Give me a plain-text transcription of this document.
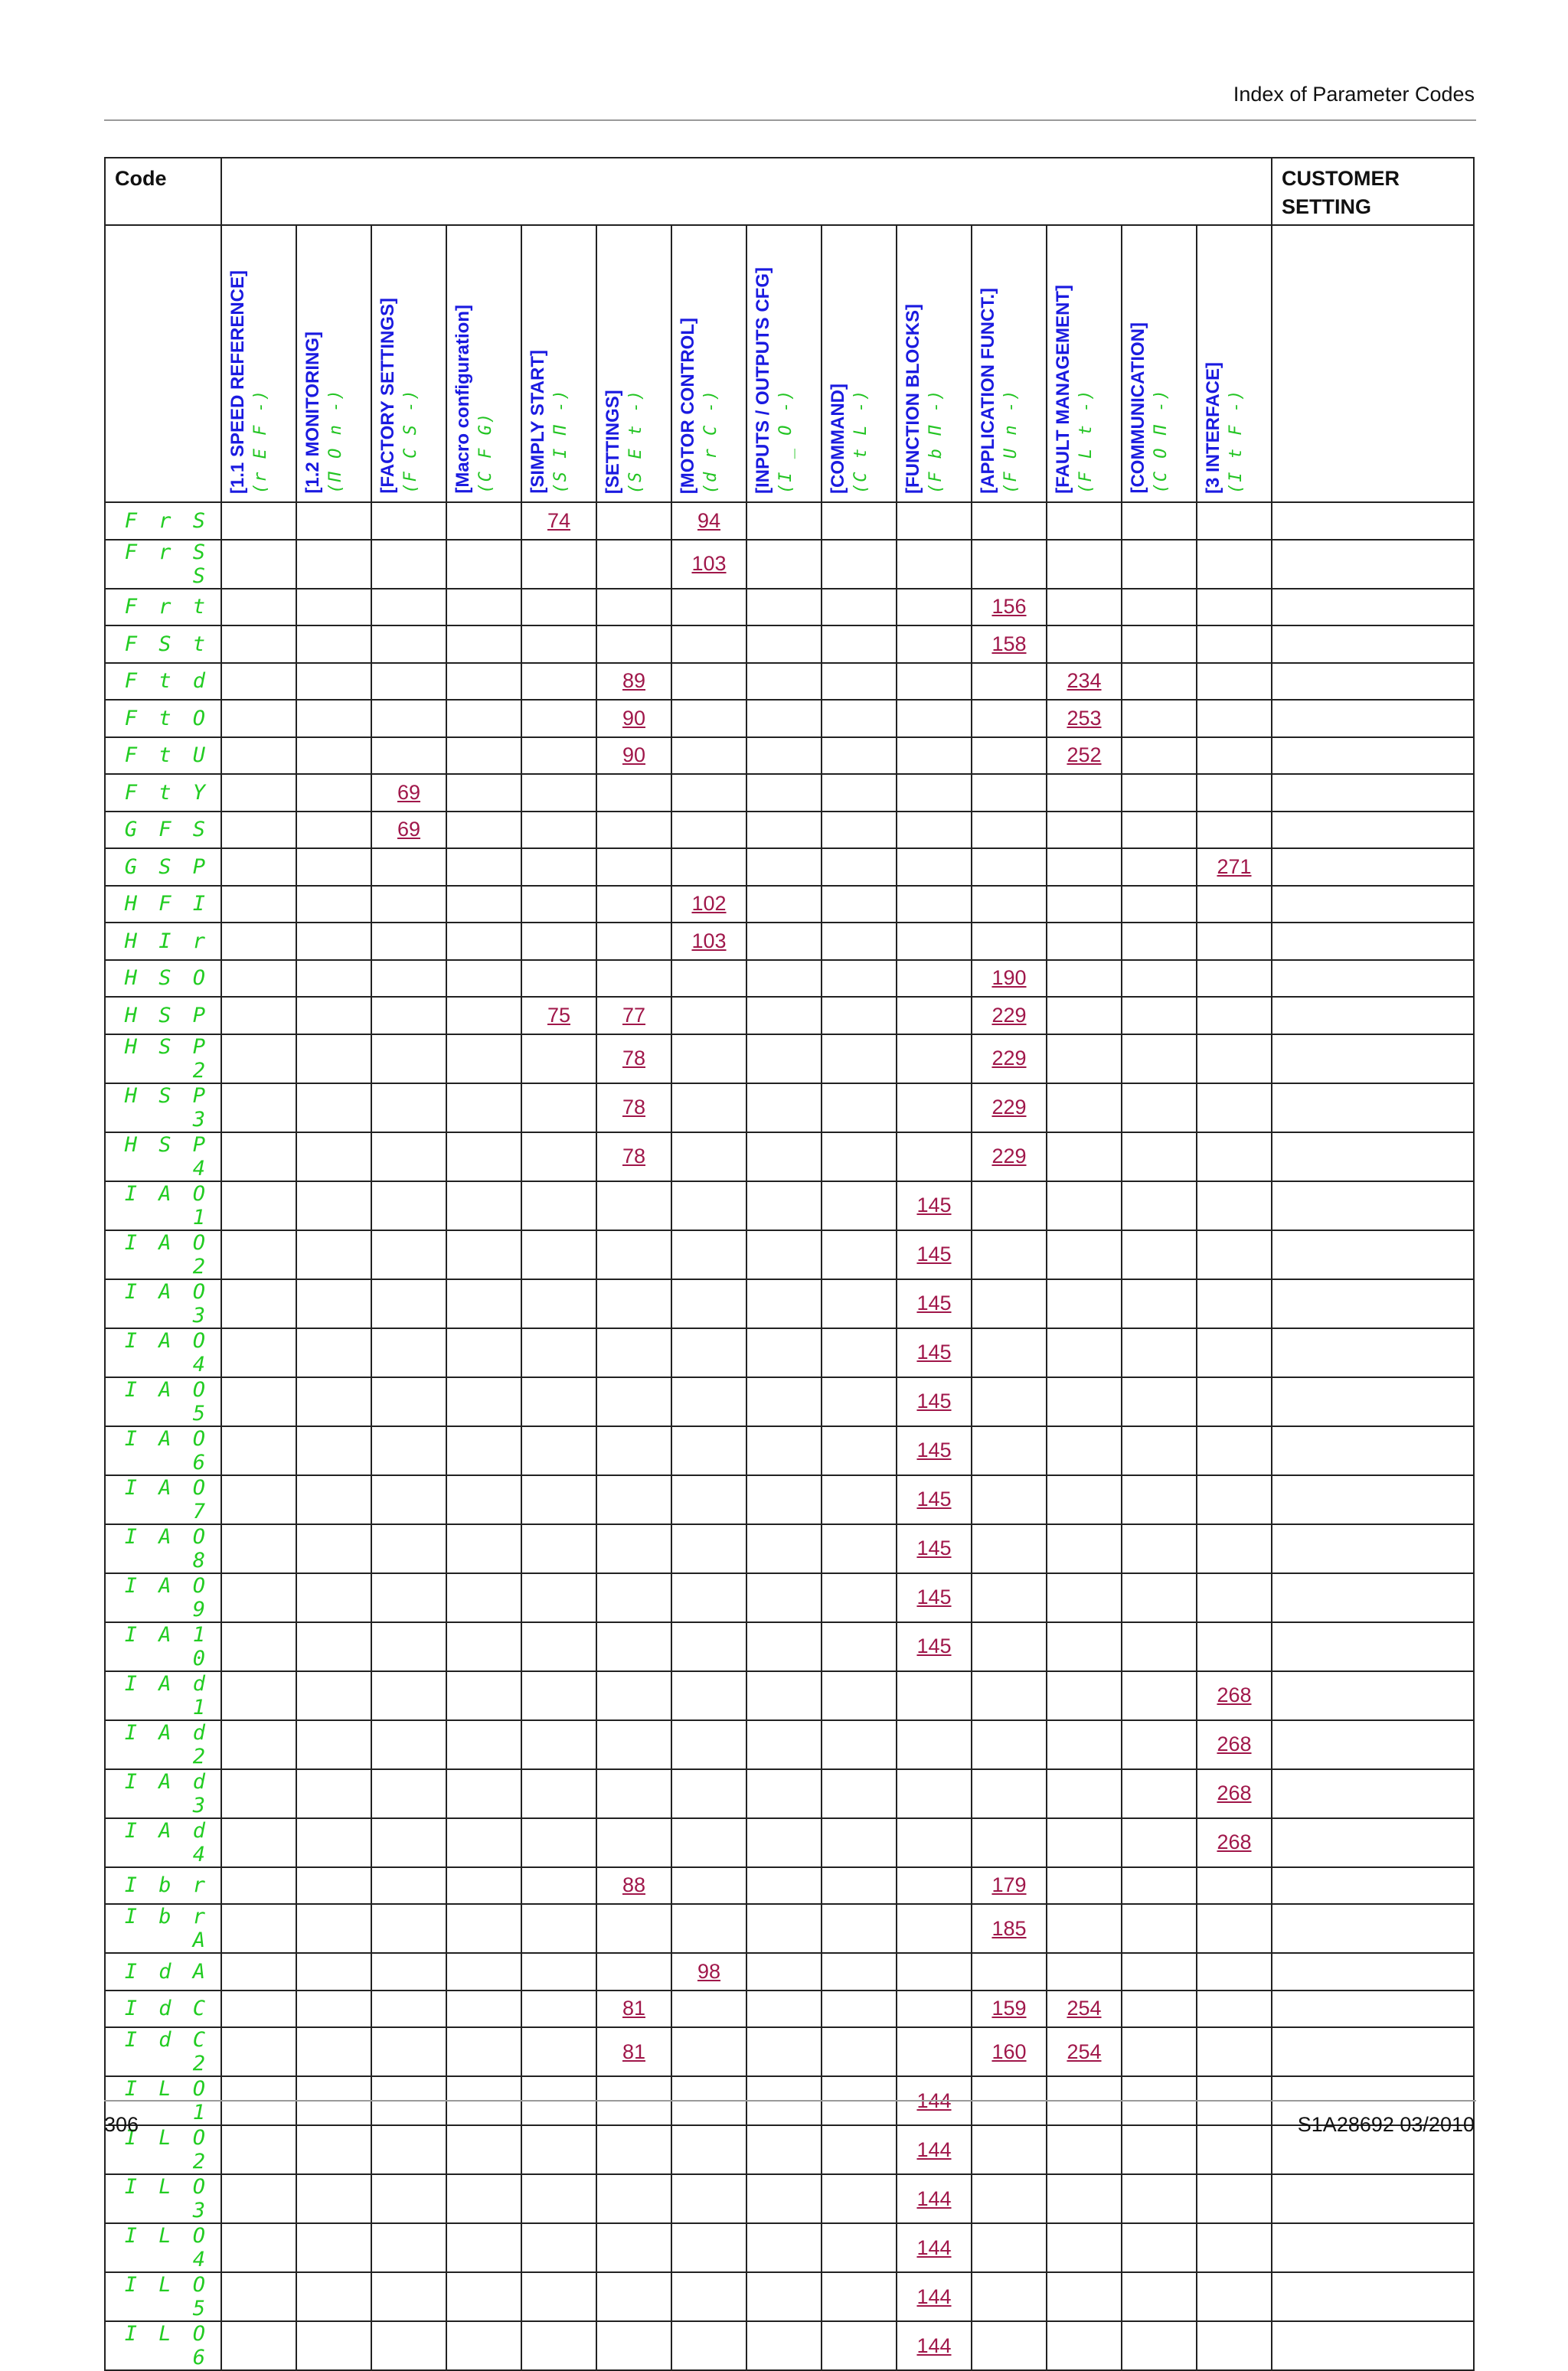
Index of Parameter Codes
Code															CUSTOMER SETTING

	[1.1 SPEED REFERENCE] (r E F -)	[1.2 MONITORING] (Π O n -)	[FACTORY SETTINGS] (F C S -)	[Macro configuration] (C F G)	[SIMPLY START] (S I Π -)	[SETTINGS] (S E t -)	[MOTOR CONTROL] (d r C -)	[INPUTS / OUTPUTS CFG] (I _ O -)	[COMMAND] (C t L -)	[FUNCTION BLOCKS] (F b Π -)	[APPLICATION FUNCT.] (F U n -)	[FAULT MANAGEMENT] (F L t -)	[COMMUNICATION] (C O Π -)	[3 INTERFACE] (I t F -)	

F r S					74		94								
F r S S							103								
F r t											156				
F S t											158				
F t d						89						234			
F t O						90						253			
F t U						90						252			
F t Y			69												
G F S			69												
G S P														271	
H F I							102								
H I r							103								
H S O											190				
H S P					75	77					229				
H S P 2						78					229				
H S P 3						78					229				
H S P 4						78					229				
I A O 1										145					
I A O 2										145					
I A O 3										145					
I A O 4										145					
I A O 5										145					
I A O 6										145					
I A O 7										145					
I A O 8										145					
I A O 9										145					
I A 1 0										145					
I A d 1														268	
I A d 2														268	
I A d 3														268	
I A d 4														268	
I b r						88					179				
I b r A											185				
I d A							98								
I d C						81					159	254			
I d C 2						81					160	254			
I L O 1										144					
I L O 2										144					
I L O 3										144					
I L O 4										144					
I L O 5										144					
I L O 6										144					
306	S1A28692 03/2010
